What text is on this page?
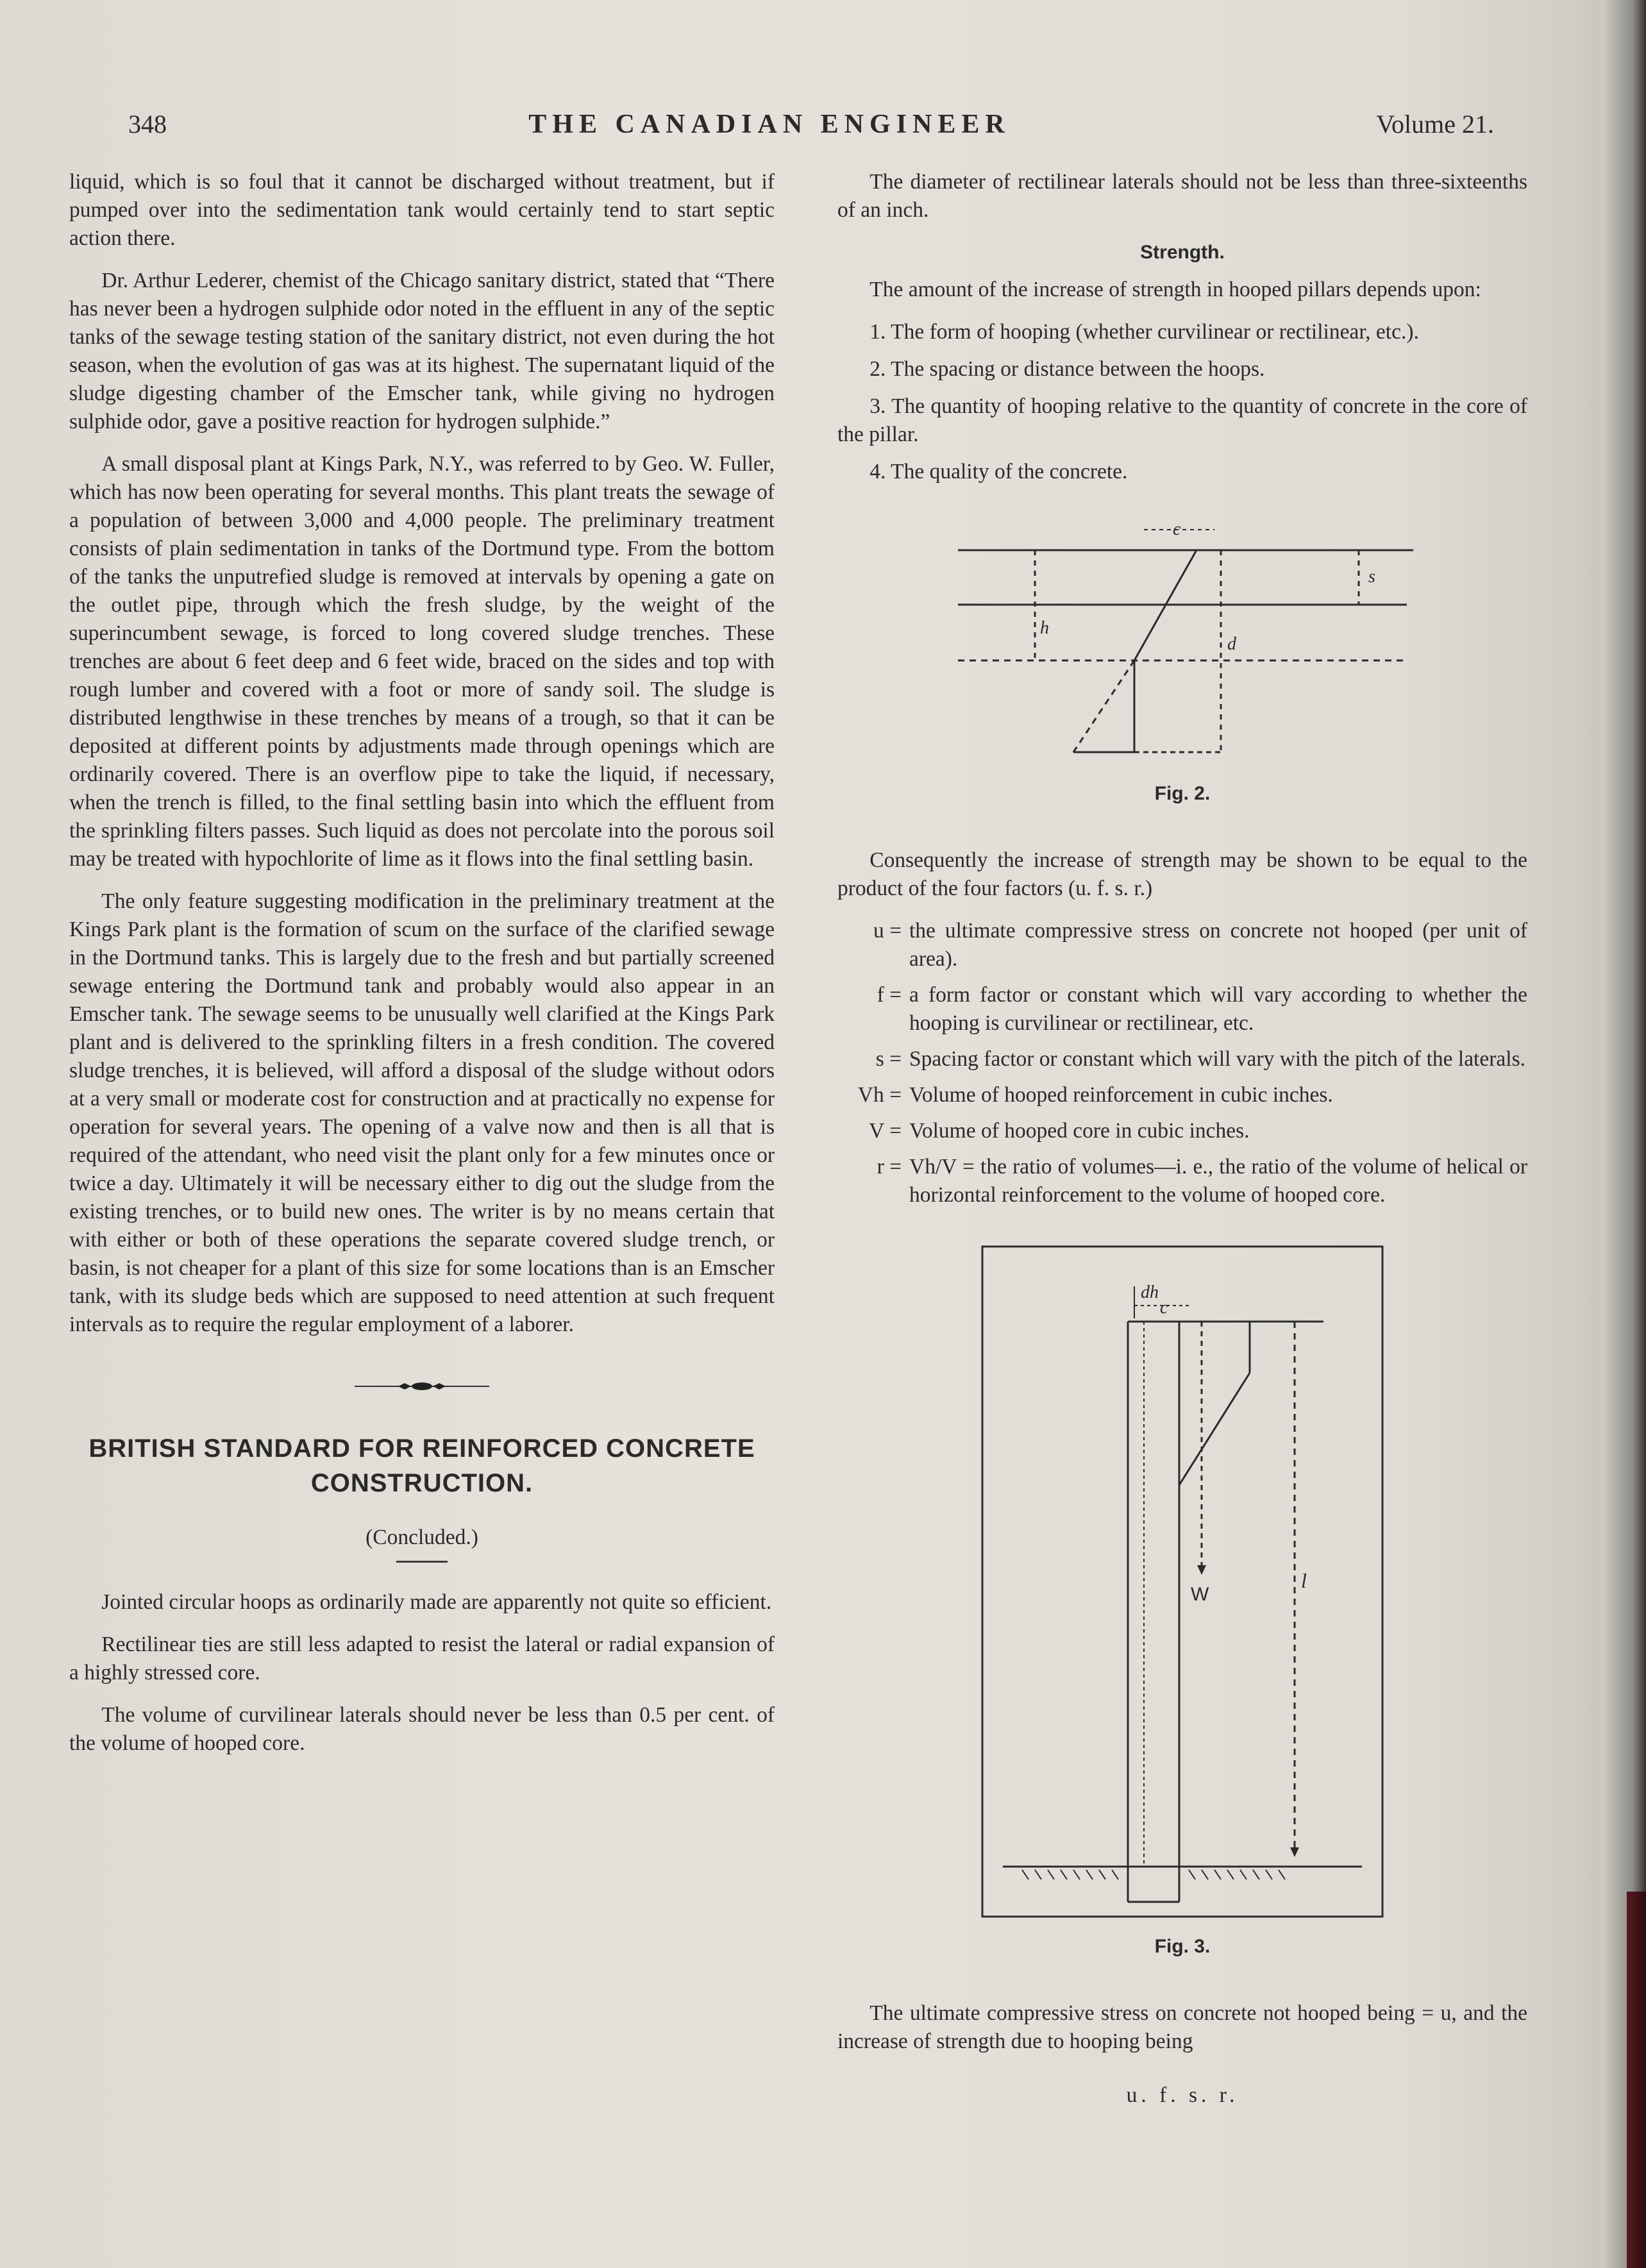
348	THE CANADIAN ENGINEER	Volume 21.

liquid, which is so foul that it cannot be discharged without treatment, but if pumped over into the sedimentation tank would certainly tend to start septic action there.

Dr. Arthur Lederer, chemist of the Chicago sanitary district, stated that “There has never been a hydrogen sulphide odor noted in the effluent in any of the septic tanks of the sewage testing station of the sanitary district, not even during the hot season, when the evolution of gas was at its highest. The supernatant liquid of the sludge digesting chamber of the Emscher tank, while giving no hydrogen sulphide odor, gave a positive reaction for hydrogen sulphide.”

A small disposal plant at Kings Park, N.Y., was referred to by Geo. W. Fuller, which has now been operating for several months. This plant treats the sewage of a population of between 3,000 and 4,000 people. The preliminary treatment consists of plain sedimentation in tanks of the Dortmund type. From the bottom of the tanks the unputrefied sludge is removed at intervals by opening a gate on the outlet pipe, through which the fresh sludge, by the weight of the superincumbent sewage, is forced to long covered sludge trenches. These trenches are about 6 feet deep and 6 feet wide, braced on the sides and top with rough lumber and covered with a foot or more of sandy soil. The sludge is distributed lengthwise in these trenches by means of a trough, so that it can be deposited at different points by adjustments made through openings which are ordinarily covered. There is an overflow pipe to take the liquid, if necessary, when the trench is filled, to the final settling basin into which the effluent from the sprinkling filters passes. Such liquid as does not percolate into the porous soil may be treated with hypochlorite of lime as it flows into the final settling basin.

The only feature suggesting modification in the preliminary treatment at the Kings Park plant is the formation of scum on the surface of the clarified sewage in the Dortmund tanks. This is largely due to the fresh and but partially screened sewage entering the Dortmund tank and probably would also appear in an Emscher tank. The sewage seems to be unusually well clarified at the Kings Park plant and is delivered to the sprinkling filters in a fresh condition. The covered sludge trenches, it is believed, will afford a disposal of the sludge without odors at a very small or moderate cost for construction and at practically no expense for operation for several years. The opening of a valve now and then is all that is required of the attendant, who need visit the plant only for a few minutes once or twice a day. Ultimately it will be necessary either to dig out the sludge from the existing trenches, or to build new ones. The writer is by no means certain that with either or both of these operations the separate covered sludge trench, or basin, is not cheaper for a plant of this size for some locations than is an Emscher tank, with its sludge beds which are supposed to need attention at such frequent intervals as to require the regular employment of a laborer.

BRITISH STANDARD FOR REINFORCED CONCRETE CONSTRUCTION.
(Concluded.)

Jointed circular hoops as ordinarily made are apparently not quite so efficient.

Rectilinear ties are still less adapted to resist the lateral or radial expansion of a highly stressed core.

The volume of curvilinear laterals should never be less than 0.5 per cent. of the volume of hooped core.

The diameter of rectilinear laterals should not be less than three-sixteenths of an inch.

Strength.

The amount of the increase of strength in hooped pillars depends upon:

1. The form of hooping (whether curvilinear or rectilinear, etc.).
2. The spacing or distance between the hoops.
3. The quantity of hooping relative to the quantity of concrete in the core of the pillar.
4. The quality of the concrete.
c
s
h
d
Fig. 2.

Consequently the increase of strength may be shown to be equal to the product of the four factors (u. f. s. r.)

u = the ultimate compressive stress on concrete not hooped (per unit of area).
f = a form factor or constant which will vary according to whether the hooping is curvilinear or rectilinear, etc.
s = Spacing factor or constant which will vary with the pitch of the laterals.
Vh = Volume of hooped reinforcement in cubic inches.
V = Volume of hooped core in cubic inches.
r = Vh/V = the ratio of volumes—i. e., the ratio of the volume of helical or horizontal reinforcement to the volume of hooped core.
dh
c
W
l
Fig. 3.

The ultimate compressive stress on concrete not hooped being = u, and the increase of strength due to hooping being

u. f. s. r.
